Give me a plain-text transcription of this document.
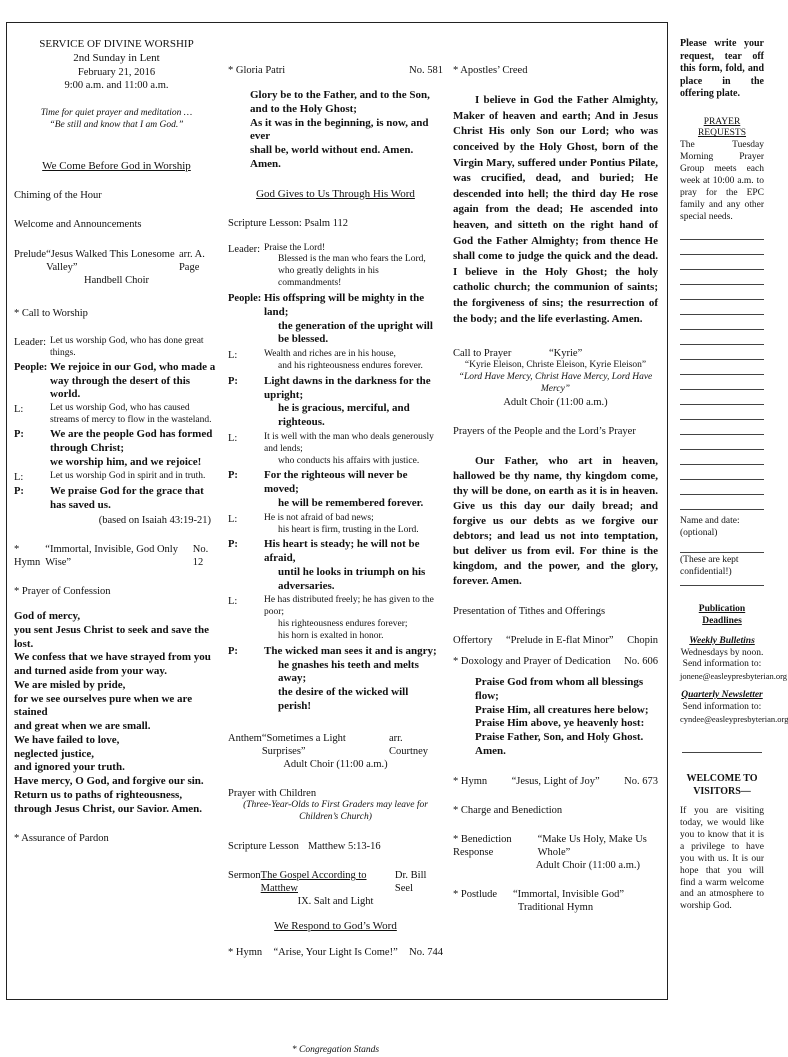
SERVICE OF DIVINE WORSHIP

2nd Sunday in Lent

February 21, 2016

9:00 a.m. and 11:00 a.m.

Time for quiet prayer and meditation …

“Be still and know that I am God.”

We Come Before God in Worship

Chiming of the Hour

Welcome and Announcements

Prelude “Jesus Walked This Lonesome Valley”
arr. A. Page

Handbell Choir

* Call to Worship

Leader: Let us worship God, who has done great things.
People: We rejoice in our God, who made a way through the desert of this world.
L:	Let us worship God, who has caused streams of mercy to flow in the wasteland.
P:	We are the people God has formed through Christ;
we worship him, and we rejoice!
L:	Let us worship God in spirit and in truth.
P:	We praise God for the grace that has saved us.

(based on Isaiah 43:19-21)

* Hymn
“Immortal, Invisible, God Only Wise”
No. 12

* Prayer of Confession

God of mercy,

you sent Jesus Christ to seek and save the lost.

We confess that we have strayed from you

and turned aside from your way.

We are misled by pride,

for we see ourselves pure when we are stained

and great when we are small.

We have failed to love,

neglected justice,

and ignored your truth.

Have mercy, O God, and forgive our sin.

Return us to paths of righteousness,

through Jesus Christ, our Savior. Amen.

* Assurance of Pardon

* Gloria Patri	No. 581

Glory be to the Father, and to the Son,

and to the Holy Ghost;

As it was in the beginning, is now, and ever

shall be, world without end. Amen. Amen.

God Gives to Us Through His Word

Scripture Lesson: Psalm 112

Leader: Praise the Lord!

Blessed is the man who fears the Lord,

who greatly delights in his commandments!

People: His offspring will be mighty in the land;

the generation of the upright will be blessed.

L:	Wealth and riches are in his house,

and his righteousness endures forever.

P:	Light dawns in the darkness for the upright;

he is gracious, merciful, and righteous.

L:	It is well with the man who deals generously and lends;

who conducts his affairs with justice.

P:	For the righteous will never be moved;

he will be remembered forever.

L:	He is not afraid of bad news;

his heart is firm, trusting in the Lord.

P:	His heart is steady; he will not be afraid,

until he looks in triumph on his adversaries.

L:	He has distributed freely; he has given to the poor;

his righteousness endures forever;

his horn is exalted in honor.

P:	The wicked man sees it and is angry;

he gnashes his teeth and melts away;

the desire of the wicked will perish!

Anthem “Sometimes a Light Surprises”
arr. Courtney

Adult Choir (11:00 a.m.)

Prayer with Children

(Three-Year-Olds to First Graders may leave for Children’s Church)

Scripture Lesson Matthew 5:13-16
Sermon The Gospel According to Matthew
Dr. Bill Seel

IX. Salt and Light

We Respond to God’s Word

* Hymn “Arise, Your Light Is Come!” No. 744

* Congregation Stands

* Apostles’ Creed

I believe in God the Father Almighty, Maker of heaven and earth; And in Jesus Christ His only Son our Lord; who was conceived by the Holy Ghost, born of the Virgin Mary, suffered under Pontius Pilate, was crucified, dead, and buried; He descended into hell; the third day He rose again from the dead; He ascended into heaven, and sitteth on the right hand of God the Father Almighty; from thence He shall come to judge the quick and the dead. I believe in the Holy Ghost; the holy catholic church; the communion of saints; the forgiveness of sins; the resurrection of the body; and the life everlasting. Amen.

Call to Prayer	“Kyrie”

“Kyrie Eleison, Christe Eleison, Kyrie Eleison”

“Lord Have Mercy, Christ Have Mercy, Lord Have Mercy”

Adult Choir (11:00 a.m.)

Prayers of the People and the Lord’s Prayer

Our Father, who art in heaven, hallowed be thy name, thy kingdom come, thy will be done, on earth as it is in heaven. Give us this day our daily bread; and forgive us our debts as we forgive our debtors; and lead us not into temptation, but deliver us from evil. For thine is the kingdom, and the power, and the glory, forever. Amen.

Presentation of Tithes and Offerings

Offertory “Prelude in E-flat Minor” Chopin
* Doxology and Prayer of Dedication No. 606

Praise God from whom all blessings flow;

Praise Him, all creatures here below;

Praise Him above, ye heavenly host:

Praise Father, Son, and Holy Ghost. Amen.

* Hymn “Jesus, Light of Joy” No. 673

* Charge and Benediction

* Benediction Response
“Make Us Holy, Make Us Whole”

Adult Choir (11:00 a.m.)

* Postlude	“Immortal, Invisible God”

Traditional Hymn

Please write your request, tear off this form, fold, and place in the offering plate.

PRAYER REQUESTS

The Tuesday Morning Prayer Group meets each week at 10:00 a.m. to pray for the EPC family and any other special needs.

Name and date: (optional)

(These are kept confidential!)

Publication Deadlines

Weekly Bulletins

Wednesdays by noon.

Send information to:

jonene@easleypresbyterian.org

Quarterly Newsletter

Send information to:

cyndee@easleypresbyterian.org

WELCOME TO VISITORS—

If you are visiting today, we would like you to know that it is a privilege to have you with us. It is our hope that you will find a warm welcome and an atmosphere to worship God.
